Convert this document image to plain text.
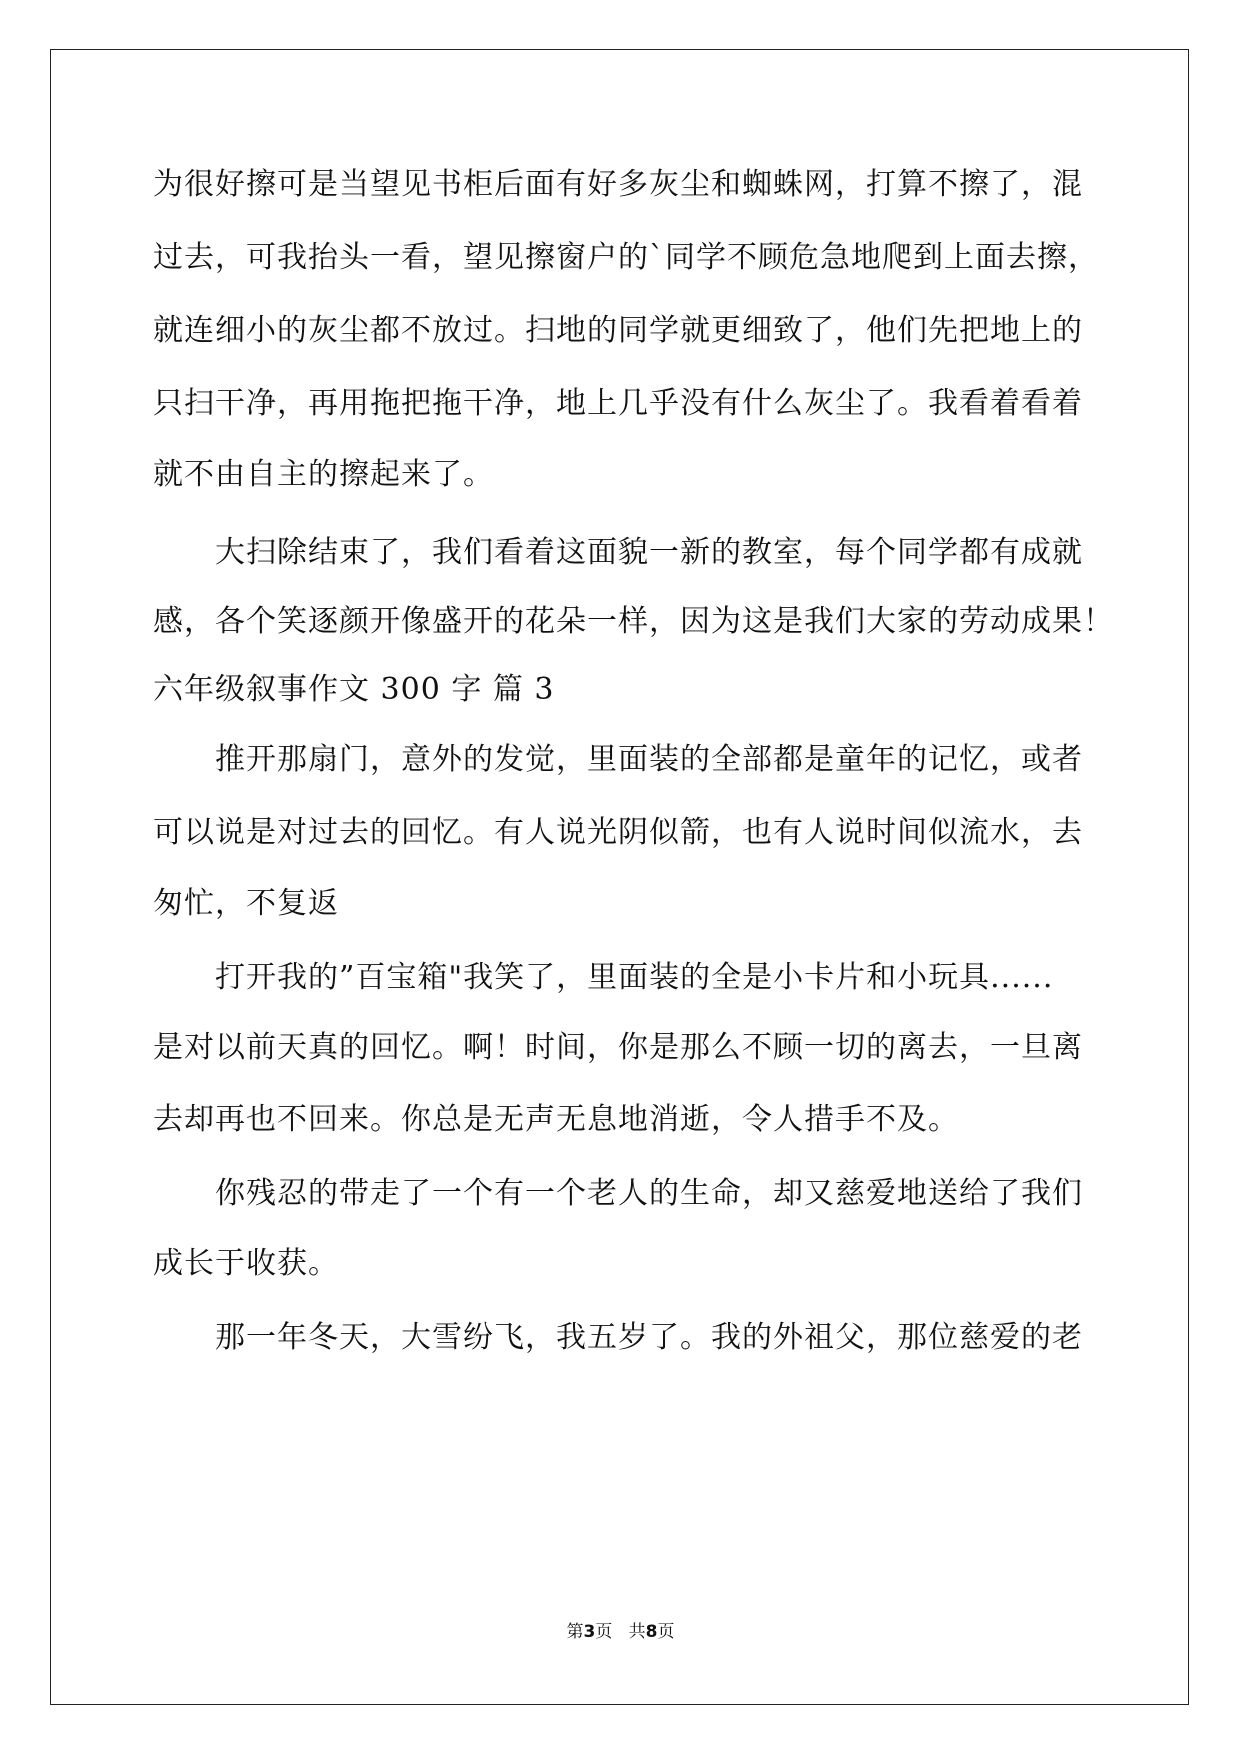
为很好擦可是当望见书柜后面有好多灰尘和蜘蛛网，打算不擦了，混
过去，可我抬头一看，望见擦窗户的`同学不顾危急地爬到上面去擦，
就连细小的灰尘都不放过。扫地的同学就更细致了，他们先把地上的
只扫干净，再用拖把拖干净，地上几乎没有什么灰尘了。我看着看着
就不由自主的擦起来了。
　　大扫除结束了，我们看着这面貌一新的教室，每个同学都有成就
感，各个笑逐颜开像盛开的花朵一样，因为这是我们大家的劳动成果！
六年级叙事作文 300 字 篇 3
　　推开那扇门，意外的发觉，里面装的全部都是童年的记忆，或者
可以说是对过去的回忆。有人说光阴似箭，也有人说时间似流水，去
匆忙，不复返
　　打开我的”百宝箱"我笑了，里面装的全是小卡片和小玩具......
是对以前天真的回忆。啊！时间，你是那么不顾一切的离去，一旦离
去却再也不回来。你总是无声无息地消逝，令人措手不及。
　　你残忍的带走了一个有一个老人的生命，却又慈爱地送给了我们
成长于收获。
　　那一年冬天，大雪纷飞，我五岁了。我的外祖父，那位慈爱的老
第3页 共8页
